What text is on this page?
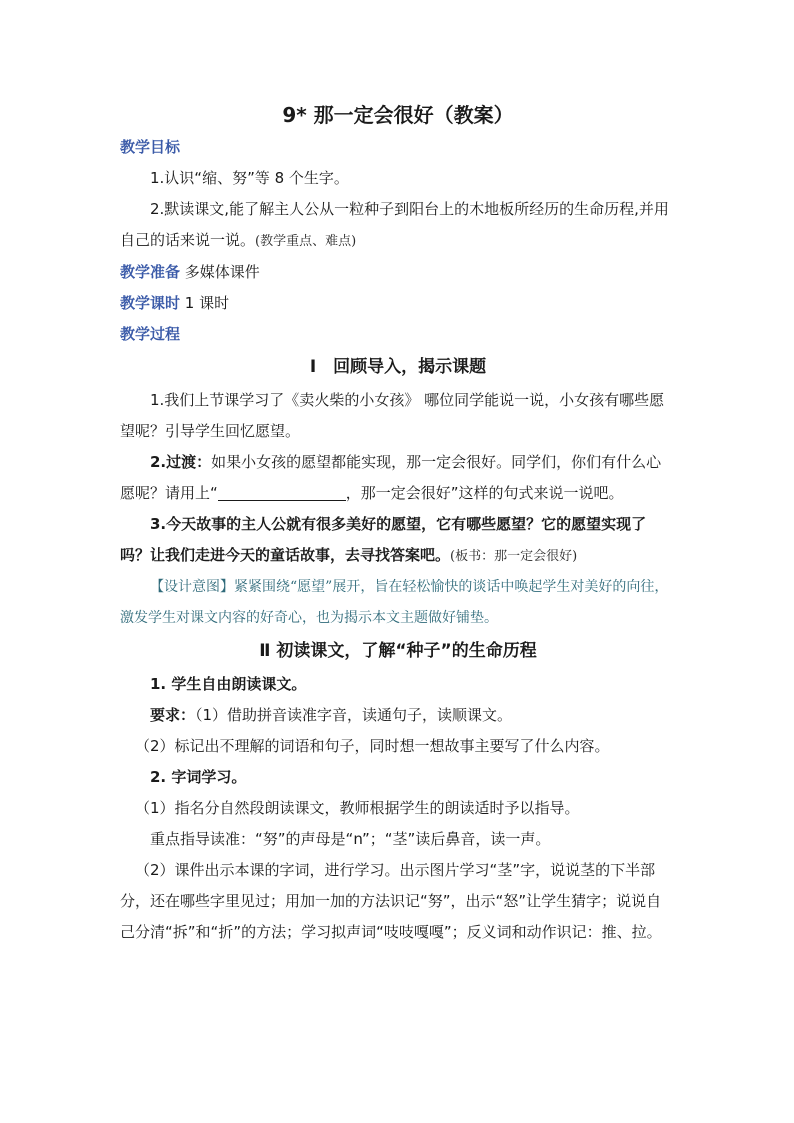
9* 那一定会很好（教案）

教学目标

1.认识“缩、努”等 8 个生字。

2.默读课文,能了解主人公从一粒种子到阳台上的木地板所经历的生命历程,并用自己的话来说一说。(教学重点、难点)

教学准备 多媒体课件

教学课时 1 课时

教学过程

Ⅰ　回顾导入，揭示课题

1.我们上节课学习了《卖火柴的小女孩》 哪位同学能说一说，小女孩有哪些愿望呢？引导学生回忆愿望。

2.过渡：如果小女孩的愿望都能实现，那一定会很好。同学们，你们有什么心愿呢？请用上“	，那一定会很好”这样的句式来说一说吧。

3.今天故事的主人公就有很多美好的愿望，它有哪些愿望？它的愿望实现了吗？让我们走进今天的童话故事，去寻找答案吧。(板书：那一定会很好)

【设计意图】紧紧围绕“愿望”展开，旨在轻松愉快的谈话中唤起学生对美好的向往，激发学生对课文内容的好奇心，也为揭示本文主题做好铺垫。

Ⅱ 初读课文，了解“种子”的生命历程

1. 学生自由朗读课文。

要求：（1）借助拼音读准字音，读通句子，读顺课文。

（2）标记出不理解的词语和句子，同时想一想故事主要写了什么内容。

2. 字词学习。

（1）指名分自然段朗读课文，教师根据学生的朗读适时予以指导。

重点指导读准：“努”的声母是“n”；“茎”读后鼻音，读一声。

（2）课件出示本课的字词，进行学习。出示图片学习“茎”字，说说茎的下半部分，还在哪些字里见过；用加一加的方法识记“努”，出示“怒”让学生猜字；说说自己分清“拆”和“折”的方法；学习拟声词“吱吱嘎嘎”；反义词和动作识记：推、拉。
